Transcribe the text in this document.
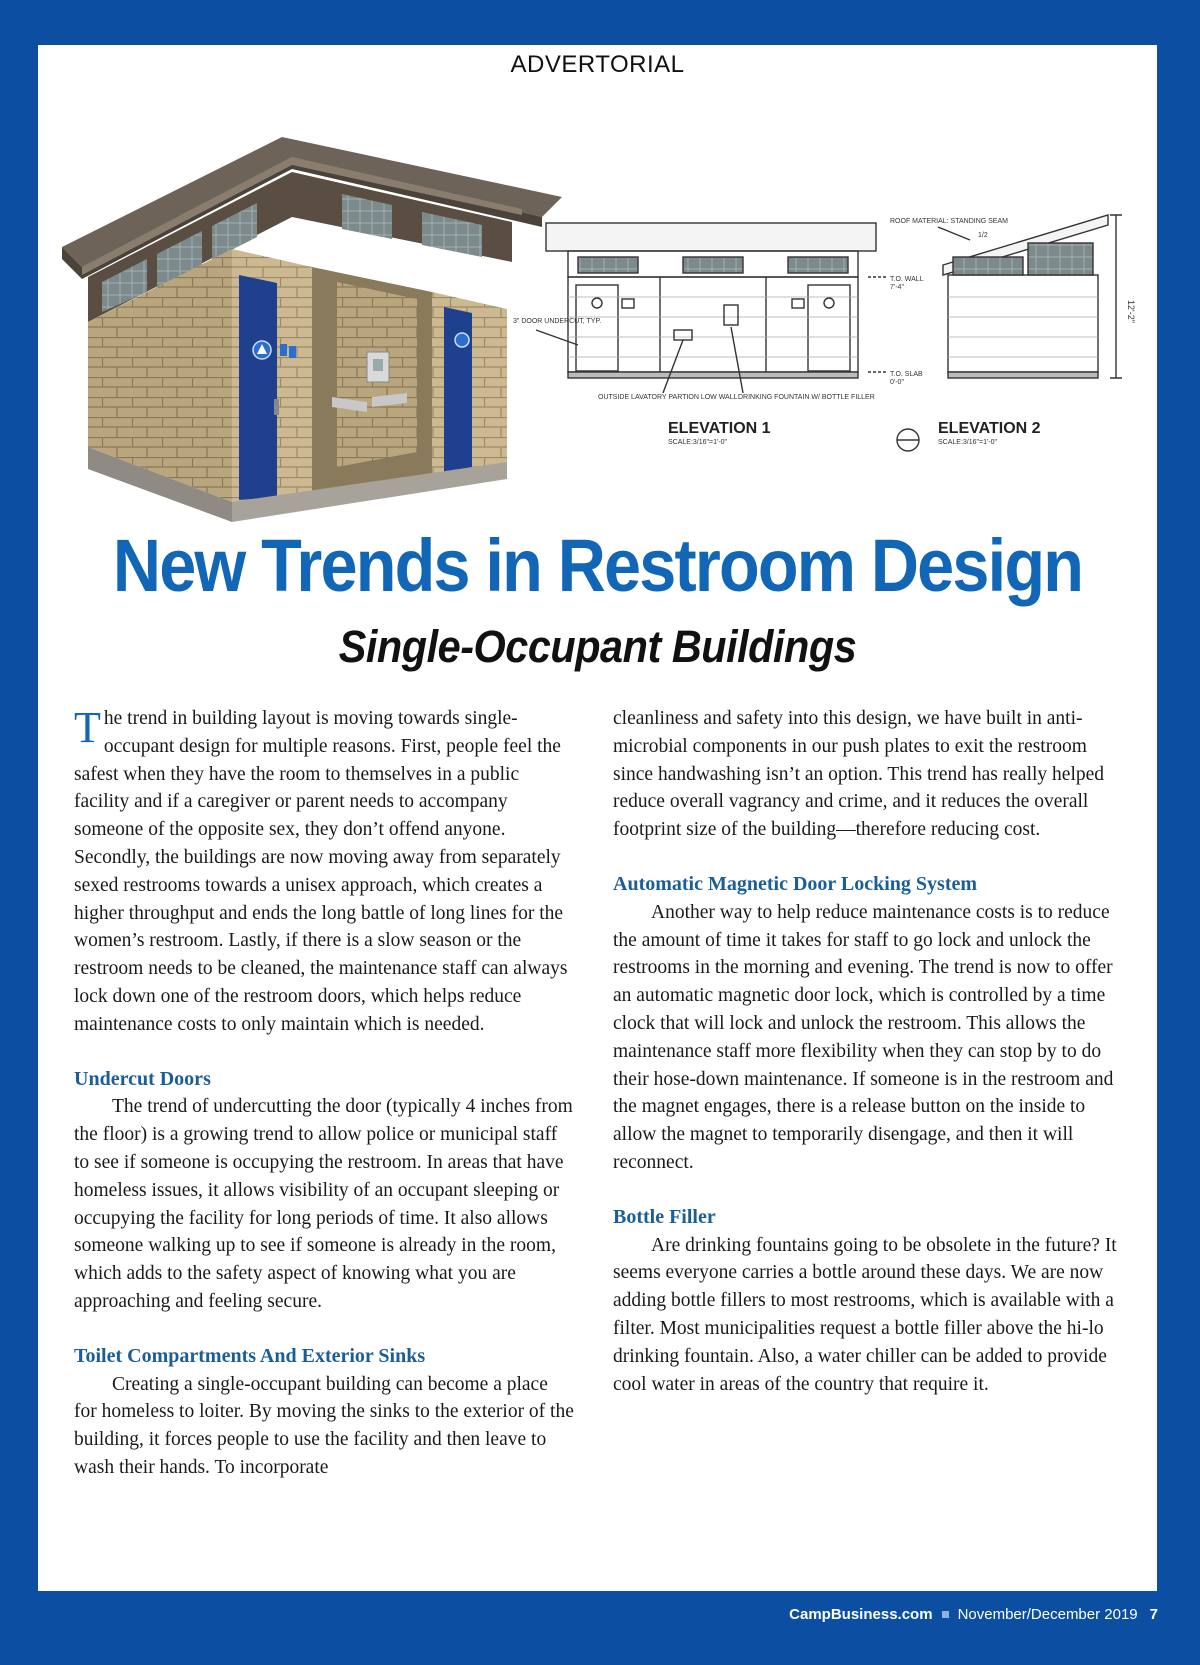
ADVERTORIAL
ROOF MATERIAL: STANDING SEAM
T.O. WALL
7'-4"
T.O. SLAB
0'-0"
12'-2"
3" DOOR UNDERCUT, TYP.
OUTSIDE LAVATORY PARTION LOW WALL DRINKING FOUNTAIN W/ BOTTLE FILLER
1/2
ELEVATION 1
SCALE:3/16"=1'-0"
ELEVATION 2
SCALE:3/16"=1'-0"
New Trends in Restroom Design
Single-Occupant Buildings

The trend in building layout is moving towards single-occupant design for multiple reasons. First, people feel the safest when they have the room to themselves in a public facility and if a caregiver or parent needs to accompany someone of the opposite sex, they don’t offend anyone. Secondly, the buildings are now moving away from separately sexed restrooms towards a unisex approach, which creates a higher throughput and ends the long battle of long lines for the women’s restroom. Lastly, if there is a slow season or the restroom needs to be cleaned, the maintenance staff can always lock down one of the restroom doors, which helps reduce maintenance costs to only maintain which is needed.

Undercut Doors

The trend of undercutting the door (typically 4 inches from the floor) is a growing trend to allow police or municipal staff to see if someone is occupying the restroom. In areas that have homeless issues, it allows visibility of an occupant sleeping or occupying the facility for long periods of time. It also allows someone walking up to see if someone is already in the room, which adds to the safety aspect of knowing what you are approaching and feeling secure.

Toilet Compartments And Exterior Sinks

Creating a single-occupant building can become a place for homeless to loiter. By moving the sinks to the exterior of the building, it forces people to use the facility and then leave to wash their hands. To incorporate

cleanliness and safety into this design, we have built in anti-microbial components in our push plates to exit the restroom since handwashing isn’t an option. This trend has really helped reduce overall vagrancy and crime, and it reduces the overall footprint size of the building—therefore reducing cost.

Automatic Magnetic Door Locking System

Another way to help reduce maintenance costs is to reduce the amount of time it takes for staff to go lock and unlock the restrooms in the morning and evening. The trend is now to offer an automatic magnetic door lock, which is controlled by a time clock that will lock and unlock the restroom. This allows the maintenance staff more flexibility when they can stop by to do their hose-down maintenance. If someone is in the restroom and the magnet engages, there is a release button on the inside to allow the magnet to temporarily disengage, and then it will reconnect.

Bottle Filler

Are drinking fountains going to be obsolete in the future? It seems everyone carries a bottle around these days. We are now adding bottle fillers to most restrooms, which is available with a filter. Most municipalities request a bottle filler above the hi-lo drinking fountain. Also, a water chiller can be added to provide cool water in areas of the country that require it.

CampBusiness.com November/December 2019 7
